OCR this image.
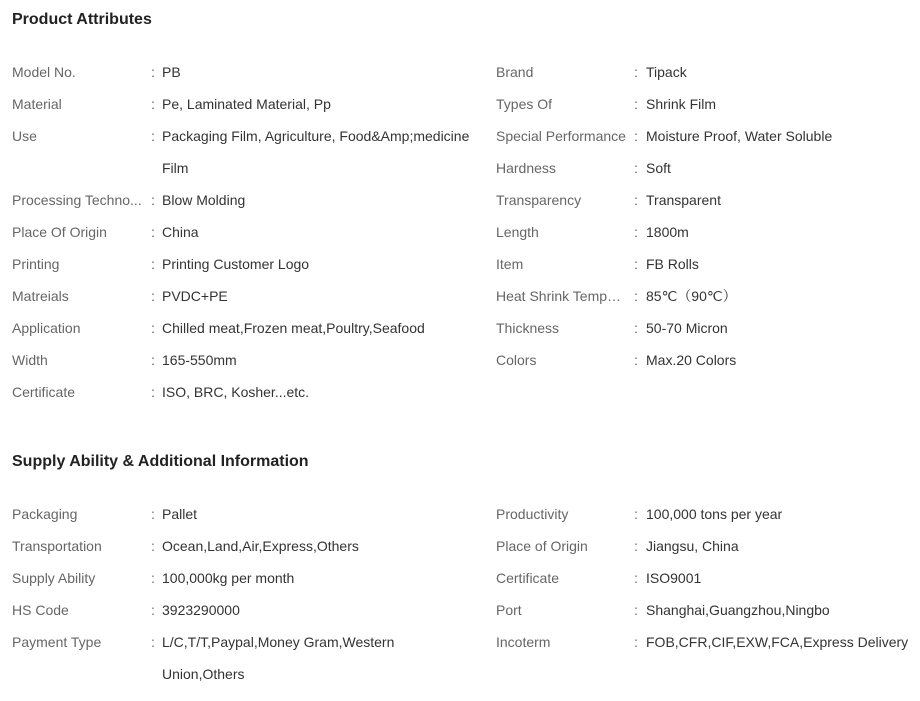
Product Attributes
Model No.	: PB
Material	: Pe, Laminated Material, Pp
Use	: Packaging Film, Agriculture, Food&Amp;medicine Film
Processing Techno... : Blow Molding
Place Of Origin	: China
Printing	: Printing Customer Logo
Matreials	: PVDC+PE
Application	: Chilled meat,Frozen meat,Poultry,Seafood
Width	: 165-550mm
Certificate	: ISO, BRC, Kosher...etc.
Brand	: Tipack
Types Of	: Shrink Film
Special Performance : Moisture Proof, Water Soluble
Hardness	: Soft
Transparency	: Transparent
Length	: 1800m
Item	: FB Rolls
Heat Shrink Tempe...	: 85℃（90℃）
Thickness	: 50-70 Micron
Colors	: Max.20 Colors
Supply Ability & Additional Information
Packaging	: Pallet
Transportation	: Ocean,Land,Air,Express,Others
Supply Ability	: 100,000kg per month
HS Code	: 3923290000
Payment Type	: L/C,T/T,Paypal,Money Gram,Western Union,Others
Productivity	: 100,000 tons per year
Place of Origin	: Jiangsu, China
Certificate	: ISO9001
Port	: Shanghai,Guangzhou,Ningbo
Incoterm	: FOB,CFR,CIF,EXW,FCA,Express Delivery
